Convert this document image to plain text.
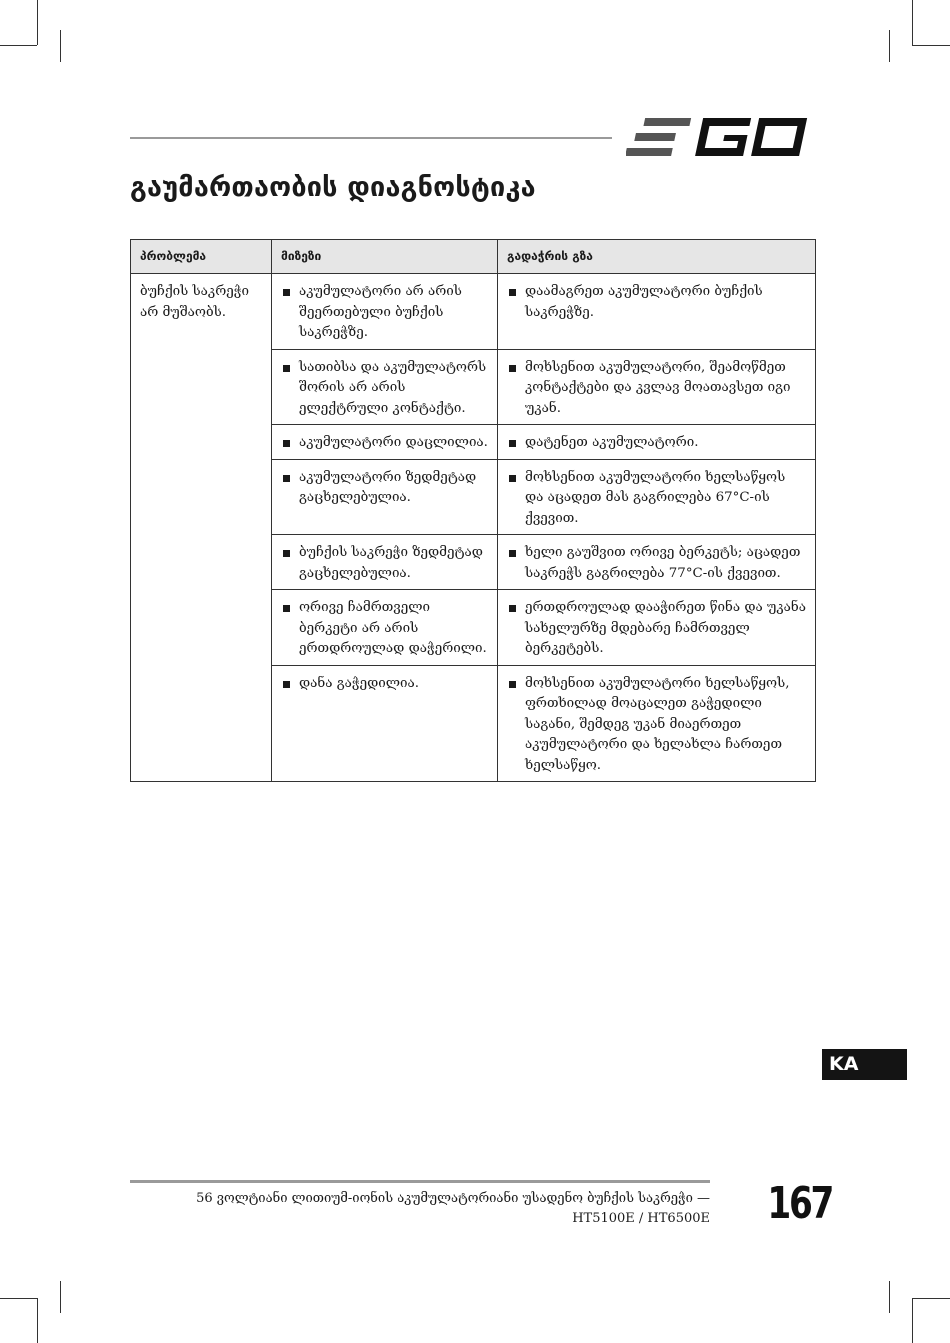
გაუმართაობის დიაგნოსტიკა
პრობლემა	მიზეზი	გადაჭრის გზა
ბუჩქის საკრეჭი არ მუშაობს.	აკუმულატორი არ არის შეერთებული ბუჩქის საკრეჭზე.	დაამაგრეთ აკუმულატორი ბუჩქის საკრეჭზე.

	სათიბსა და აკუმულატორს შორის არ არის ელექტრული კონტაქტი.	მოხსენით აკუმულატორი, შეამოწმეთ კონტაქტები და კვლავ მოათავსეთ იგი უკან.

	აკუმულატორი დაცლილია.	დატენეთ აკუმულატორი.

	აკუმულატორი ზედმეტად გაცხელებულია.	მოხსენით აკუმულატორი ხელსაწყოს და აცადეთ მას გაგრილება 67°C-ის ქვევით.

	ბუჩქის საკრეჭი ზედმეტად გაცხელებულია.	ხელი გაუშვით ორივე ბერკეტს; აცადეთ საკრეჭს გაგრილება 77°C-ის ქვევით.

	ორივე ჩამრთველი ბერკეტი არ არის ერთდროულად დაჭერილი.	ერთდროულად დააჭირეთ წინა და უკანა სახელურზე მდებარე ჩამრთველ ბერკეტებს.

	დანა გაჭედილია.	მოხსენით აკუმულატორი ხელსაწყოს, ფრთხილად მოაცალეთ გაჭედილი საგანი, შემდეგ უკან მიაერთეთ აკუმულატორი და ხელახლა ჩართეთ ხელსაწყო.
KA
56 ვოლტიანი ლითიუმ-იონის აკუმულატორიანი უსადენო ბუჩქის საკრეჭი —
HT5100E / HT6500E 167
